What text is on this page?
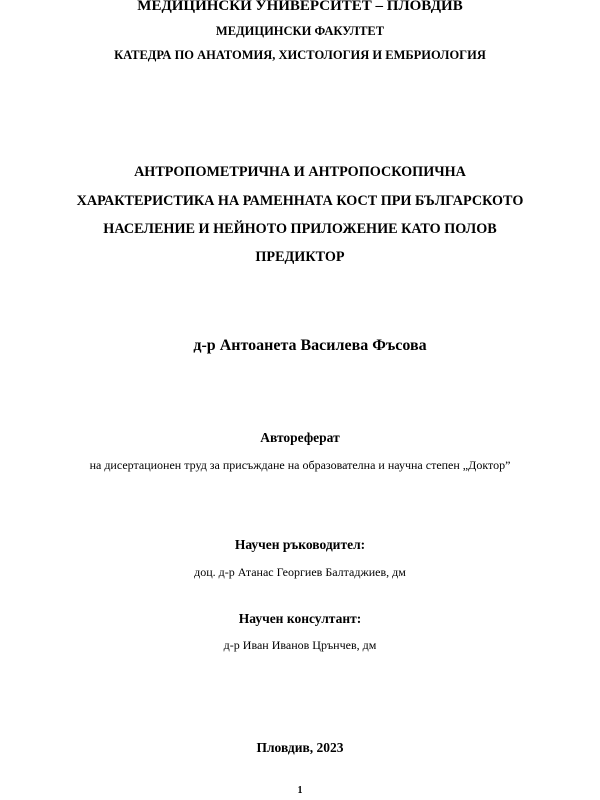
МЕДИЦИНСКИ УНИВЕРСИТЕТ – ПЛОВДИВ
МЕДИЦИНСКИ ФАКУЛТЕТ
КАТЕДРА ПО АНАТОМИЯ, ХИСТОЛОГИЯ И ЕМБРИОЛОГИЯ
АНТРОПОМЕТРИЧНА И АНТРОПОСКОПИЧНА
ХАРАКТЕРИСТИКА НА РАМЕННАТА КОСТ ПРИ БЪЛГАРСКОТО
НАСЕЛЕНИЕ И НЕЙНОТО ПРИЛОЖЕНИЕ КАТО ПОЛОВ
ПРЕДИКТОР
д-р Антоанета Василева Фъсова
Автореферат
на дисертационен труд за присъждане на образователна и научна степен „Доктор”
Научен ръководител:
доц. д-р Атанас Георгиев Балтаджиев, дм
Научен консултант:
д-р Иван Иванов Црънчев, дм
Пловдив, 2023
1
